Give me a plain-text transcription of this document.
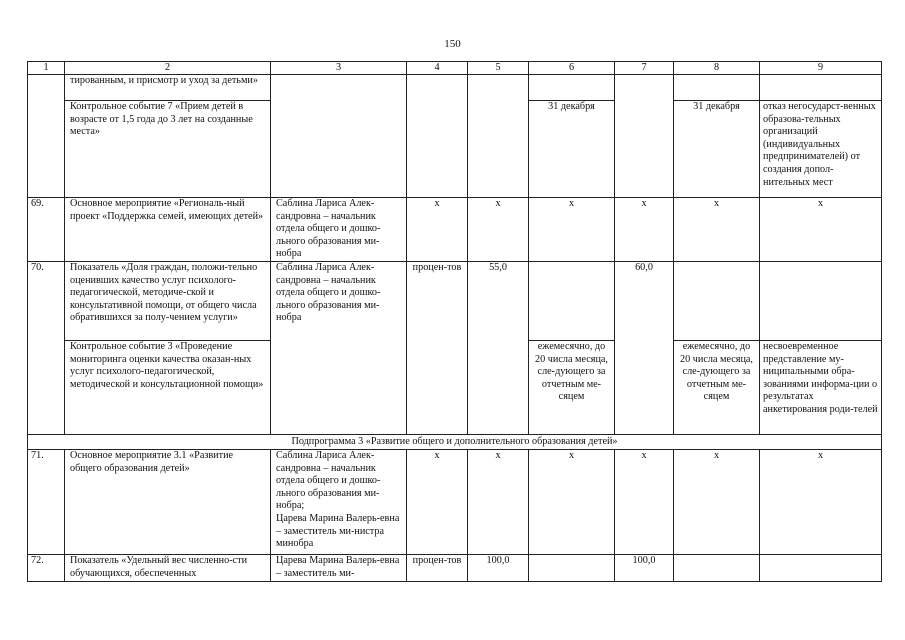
150
1	2	3	4	5	6	7	8	9
	тированным, и присмотр и уход за детьми»							
	Контрольное событие 7 «Прием детей в возрасте от 1,5 года до 3 лет на созданные места»				31 декабря		31 декабря	отказ негосударст-венных образова-тельных организаций (индивидуальных предпринимателей) от создания допол-нительных мест
69.	Основное мероприятие «Региональ-ный проект «Поддержка семей, имеющих детей»	Саблина Лариса Алек-сандровна – начальник отдела общего и дошко-льного образования ми-нобра	х	х	х	х	х	х
70.	Показатель «Доля граждан, положи-тельно оценивших качество услуг психолого-педагогической, методиче-ской и консультативной помощи, от общего числа обратившихся за полу-чением услуги»	Саблина Лариса Алек-сандровна – начальник отдела общего и дошко-льного образования ми-нобра	процен-тов	55,0		60,0		
	Контрольное событие 3 «Проведение мониторинга оценки качества оказан-ных услуг психолого-педагогической, методической и консультационной помощи»				ежемесячно, до 20 числа месяца, сле-дующего за отчетным ме-сяцем		ежемесячно, до 20 числа месяца, сле-дующего за отчетным ме-сяцем	несвоевременное представление му-ниципальными обра-зованиями информа-ции о результатах анкетирования роди-телей
Подпрограмма 3 «Развитие общего и дополнительного образования детей»								
71.	Основное мероприятие 3.1 «Развитие общего образования детей»	Саблина Лариса Алек-сандровна – начальник отдела общего и дошко-льного образования ми-нобра;
Царева Марина Валерь-евна – заместитель ми-нистра минобра	х	х	х	х	х	х
72.	Показатель «Удельный вес численно-сти обучающихся, обеспеченных	Царева Марина Валерь-евна – заместитель ми-	процен-тов	100,0		100,0		
